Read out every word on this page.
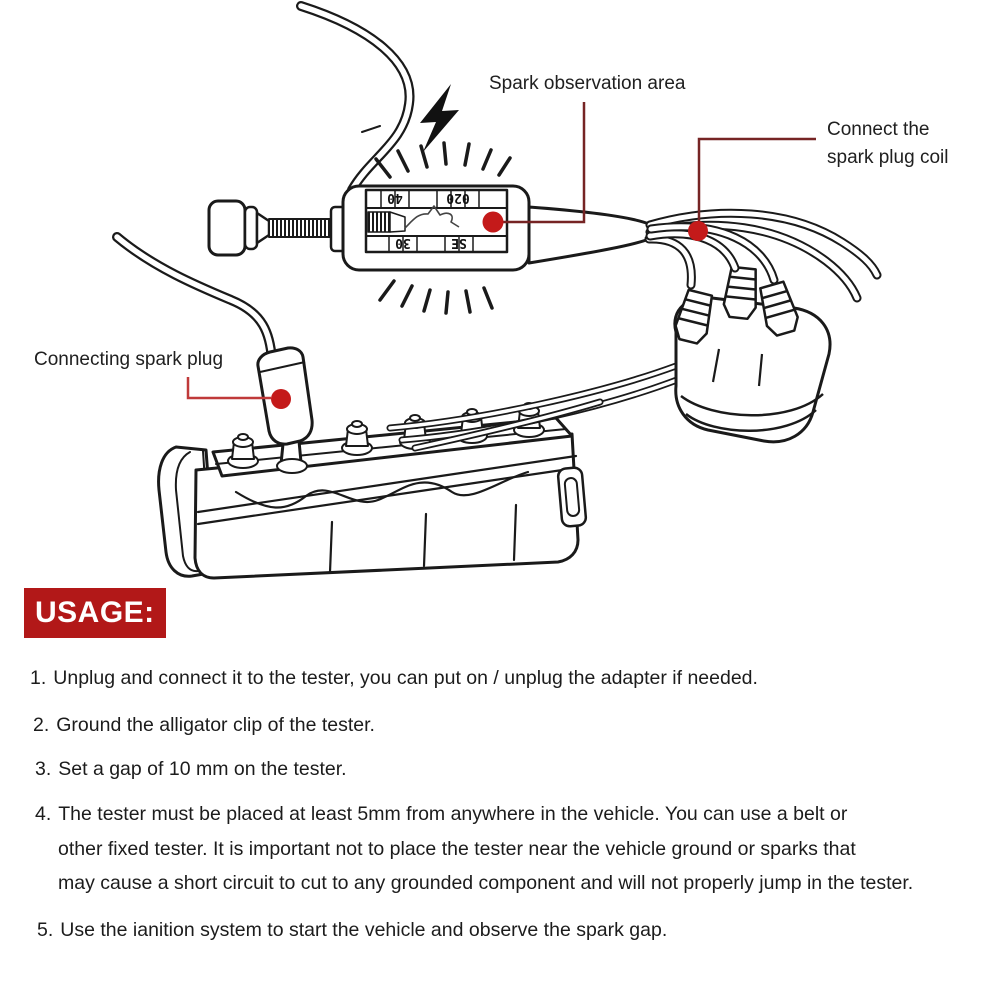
40	020
30	SE
Spark observation area
Connect the
spark plug coil
Connecting spark plug
USAGE:
1. Unplug and connect it to the tester, you can put on / unplug the adapter if needed.
2. Ground the alligator clip of the tester.
3. Set a gap of 10 mm on the tester.
4. The tester must be placed at least 5mm from anywhere in the vehicle. You can use a belt or
other fixed tester. It is important not to place the tester near the vehicle ground or sparks that
may cause a short circuit to cut to any grounded component and will not properly jump in the tester.
5. Use the ianition system to start the vehicle and observe the spark gap.
